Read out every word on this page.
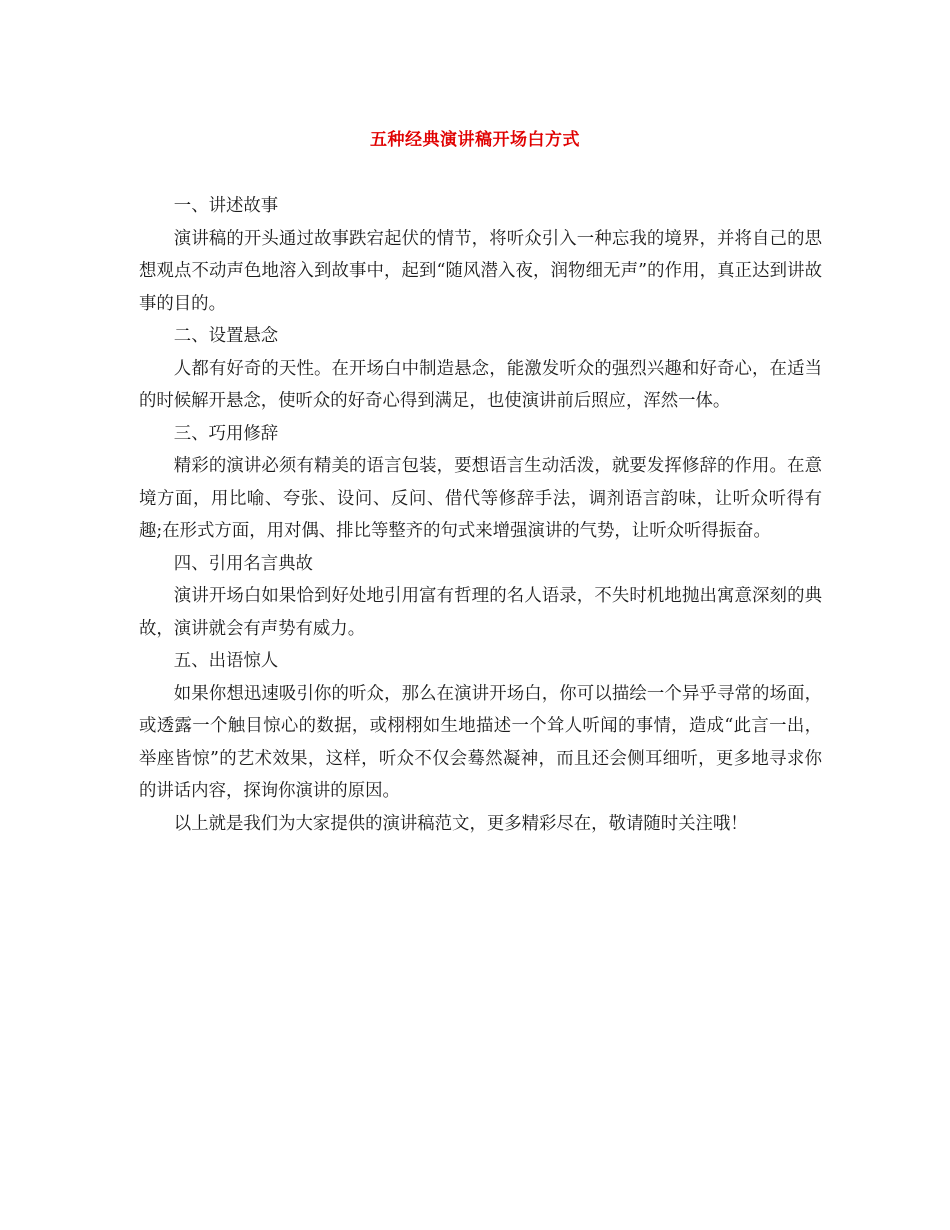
五种经典演讲稿开场白方式

一、讲述故事

演讲稿的开头通过故事跌宕起伏的情节，将听众引入一种忘我的境界，并将自己的思想观点不动声色地溶入到故事中，起到“随风潜入夜，润物细无声”的作用，真正达到讲故事的目的。

二、设置悬念

人都有好奇的天性。在开场白中制造悬念，能激发听众的强烈兴趣和好奇心，在适当的时候解开悬念，使听众的好奇心得到满足，也使演讲前后照应，浑然一体。

三、巧用修辞

精彩的演讲必须有精美的语言包装，要想语言生动活泼，就要发挥修辞的作用。在意境方面，用比喻、夸张、设问、反问、借代等修辞手法，调剂语言韵味，让听众听得有趣;在形式方面，用对偶、排比等整齐的句式来增强演讲的气势，让听众听得振奋。

四、引用名言典故

演讲开场白如果恰到好处地引用富有哲理的名人语录，不失时机地抛出寓意深刻的典故，演讲就会有声势有威力。

五、出语惊人

如果你想迅速吸引你的听众，那么在演讲开场白，你可以描绘一个异乎寻常的场面，或透露一个触目惊心的数据，或栩栩如生地描述一个耸人听闻的事情，造成“此言一出，举座皆惊”的艺术效果，这样，听众不仅会蓦然凝神，而且还会侧耳细听，更多地寻求你的讲话内容，探询你演讲的原因。

以上就是我们为大家提供的演讲稿范文，更多精彩尽在，敬请随时关注哦！
